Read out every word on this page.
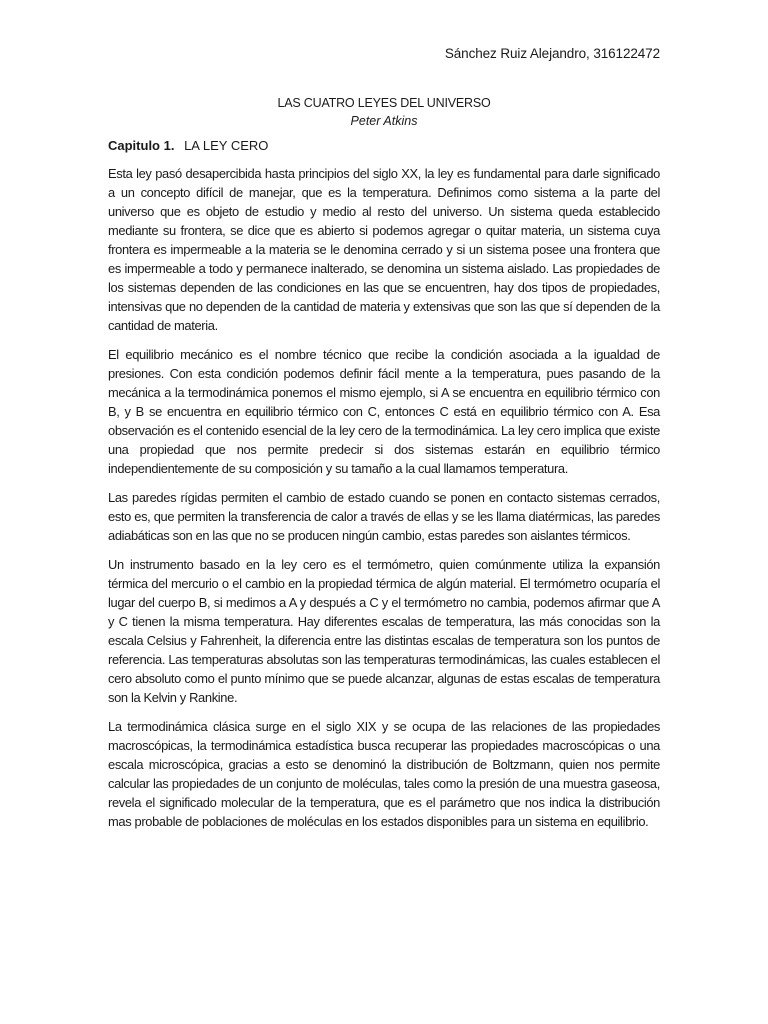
Sánchez Ruiz Alejandro, 316122472
LAS CUATRO LEYES DEL UNIVERSO
Peter Atkins
Capitulo 1. LA LEY CERO

Esta ley pasó desapercibida hasta principios del siglo XX, la ley es fundamental para darle significado a un concepto difícil de manejar, que es la temperatura. Definimos como sistema a la parte del universo que es objeto de estudio y medio al resto del universo. Un sistema queda establecido mediante su frontera, se dice que es abierto si podemos agregar o quitar materia, un sistema cuya frontera es impermeable a la materia se le denomina cerrado y si un sistema posee una frontera que es impermeable a todo y permanece inalterado, se denomina un sistema aislado. Las propiedades de los sistemas dependen de las condiciones en las que se encuentren, hay dos tipos de propiedades, intensivas que no dependen de la cantidad de materia y extensivas que son las que sí dependen de la cantidad de materia.

El equilibrio mecánico es el nombre técnico que recibe la condición asociada a la igualdad de presiones. Con esta condición podemos definir fácil mente a la temperatura, pues pasando de la mecánica a la termodinámica ponemos el mismo ejemplo, si A se encuentra en equilibrio térmico con B, y B se encuentra en equilibrio térmico con C, entonces C está en equilibrio térmico con A. Esa observación es el contenido esencial de la ley cero de la termodinámica. La ley cero implica que existe una propiedad que nos permite predecir si dos sistemas estarán en equilibrio térmico independientemente de su composición y su tamaño a la cual llamamos temperatura.

Las paredes rígidas permiten el cambio de estado cuando se ponen en contacto sistemas cerrados, esto es, que permiten la transferencia de calor a través de ellas y se les llama diatérmicas, las paredes adiabáticas son en las que no se producen ningún cambio, estas paredes son aislantes térmicos.

Un instrumento basado en la ley cero es el termómetro, quien comúnmente utiliza la expansión térmica del mercurio o el cambio en la propiedad térmica de algún material. El termómetro ocuparía el lugar del cuerpo B, si medimos a A y después a C y el termómetro no cambia, podemos afirmar que A y C tienen la misma temperatura. Hay diferentes escalas de temperatura, las más conocidas son la escala Celsius y Fahrenheit, la diferencia entre las distintas escalas de temperatura son los puntos de referencia. Las temperaturas absolutas son las temperaturas termodinámicas, las cuales establecen el cero absoluto como el punto mínimo que se puede alcanzar, algunas de estas escalas de temperatura son la Kelvin y Rankine.

La termodinámica clásica surge en el siglo XIX y se ocupa de las relaciones de las propiedades macroscópicas, la termodinámica estadística busca recuperar las propiedades macroscópicas o una escala microscópica, gracias a esto se denominó la distribución de Boltzmann, quien nos permite calcular las propiedades de un conjunto de moléculas, tales como la presión de una muestra gaseosa, revela el significado molecular de la temperatura, que es el parámetro que nos indica la distribución mas probable de poblaciones de moléculas en los estados disponibles para un sistema en equilibrio.
